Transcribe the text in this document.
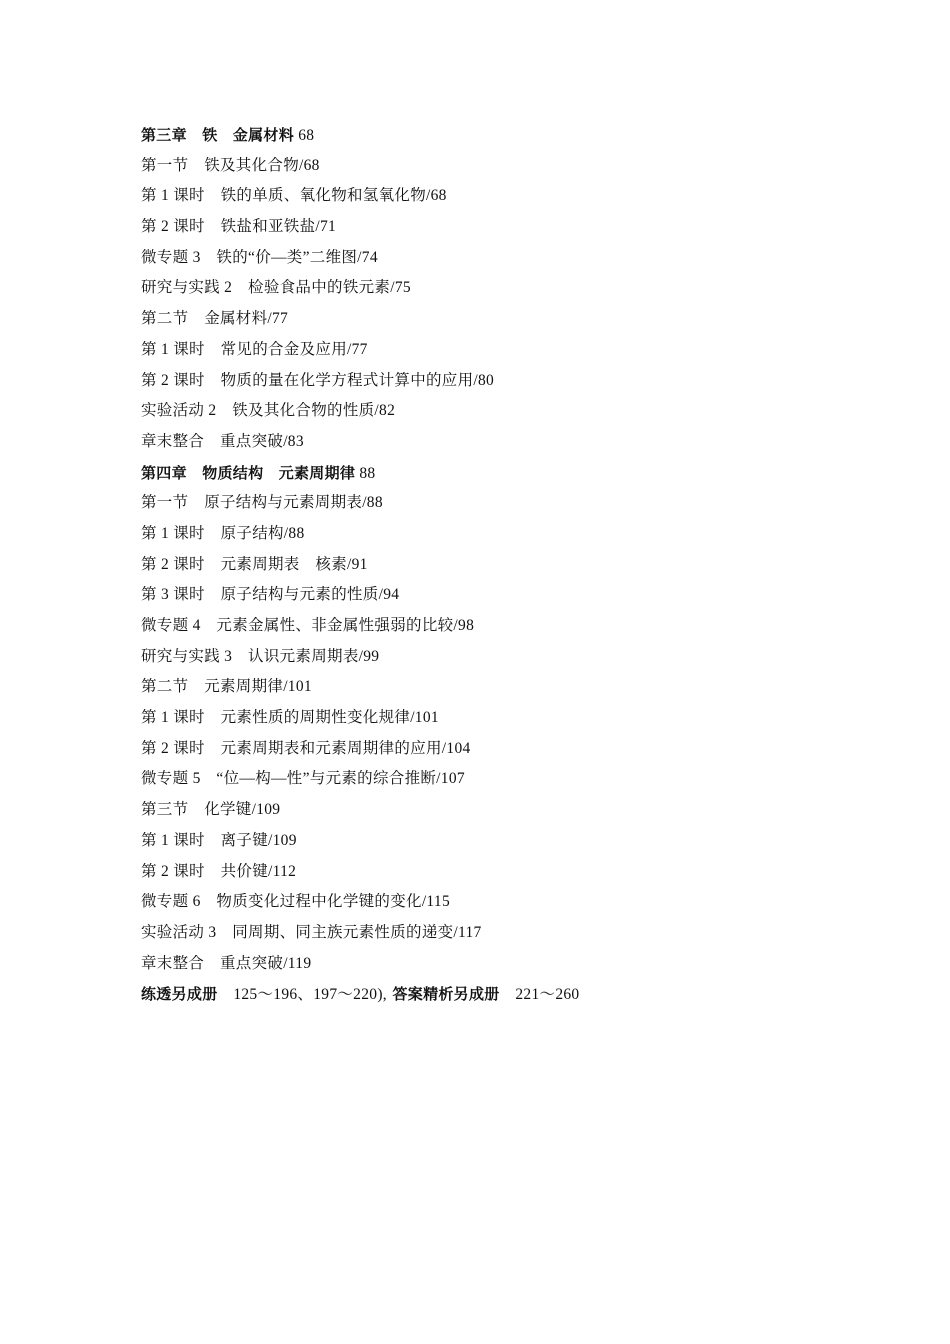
第三章　铁　金属材料 68
第一节　铁及其化合物/68
第 1 课时　铁的单质、氧化物和氢氧化物/68
第 2 课时　铁盐和亚铁盐/71
微专题 3　铁的“价—类”二维图/74
研究与实践 2　检验食品中的铁元素/75
第二节　金属材料/77
第 1 课时　常见的合金及应用/77
第 2 课时　物质的量在化学方程式计算中的应用/80
实验活动 2　铁及其化合物的性质/82
章末整合　重点突破/83
第四章　物质结构　元素周期律 88
第一节　原子结构与元素周期表/88
第 1 课时　原子结构/88
第 2 课时　元素周期表　核素/91
第 3 课时　原子结构与元素的性质/94
微专题 4　元素金属性、非金属性强弱的比较/98
研究与实践 3　认识元素周期表/99
第二节　元素周期律/101
第 1 课时　元素性质的周期性变化规律/101
第 2 课时　元素周期表和元素周期律的应用/104
微专题 5　“位—构—性”与元素的综合推断/107
第三节　化学键/109
第 1 课时　离子键/109
第 2 课时　共价键/112
微专题 6　物质变化过程中化学键的变化/115
实验活动 3　同周期、同主族元素性质的递变/117
章末整合　重点突破/119
练透另成册　125～196、197～220), 答案精析另成册　221～260
